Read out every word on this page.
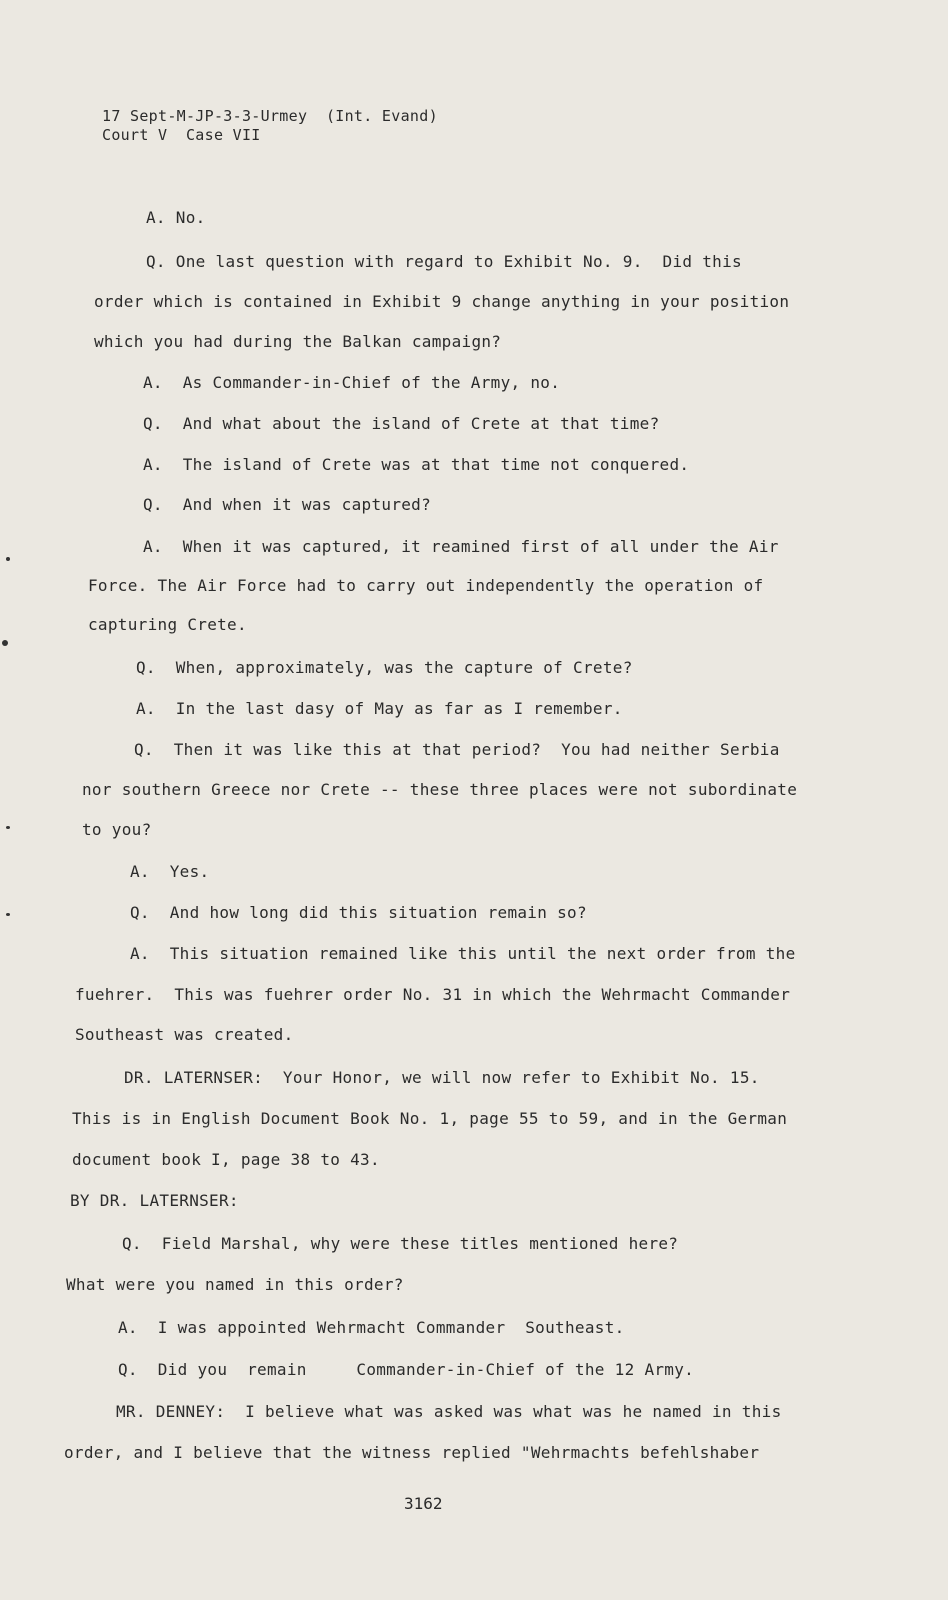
17 Sept-M-JP-3-3-Urmey  (Int. Evand)
Court V  Case VII
A. No.
Q. One last question with regard to Exhibit No. 9.  Did this
order which is contained in Exhibit 9 change anything in your position
which you had during the Balkan campaign?
A.  As Commander-in-Chief of the Army, no.
Q.  And what about the island of Crete at that time?
A.  The island of Crete was at that time not conquered.
Q.  And when it was captured?
A.  When it was captured, it reamined first of all under the Air
Force. The Air Force had to carry out independently the operation of
capturing Crete.
Q.  When, approximately, was the capture of Crete?
A.  In the last dasy of May as far as I remember.
Q.  Then it was like this at that period?  You had neither Serbia
nor southern Greece nor Crete -- these three places were not subordinate
to you?
A.  Yes.
Q.  And how long did this situation remain so?
A.  This situation remained like this until the next order from the
fuehrer.  This was fuehrer order No. 31 in which the Wehrmacht Commander
Southeast was created.
DR. LATERNSER:  Your Honor, we will now refer to Exhibit No. 15.
This is in English Document Book No. 1, page 55 to 59, and in the German
document book I, page 38 to 43.
BY DR. LATERNSER:
Q.  Field Marshal, why were these titles mentioned here?
What were you named in this order?
A.  I was appointed Wehrmacht Commander  Southeast.
Q.  Did you  remain     Commander-in-Chief of the 12 Army.
MR. DENNEY:  I believe what was asked was what was he named in this
order, and I believe that the witness replied "Wehrmachts befehlshaber
3162
